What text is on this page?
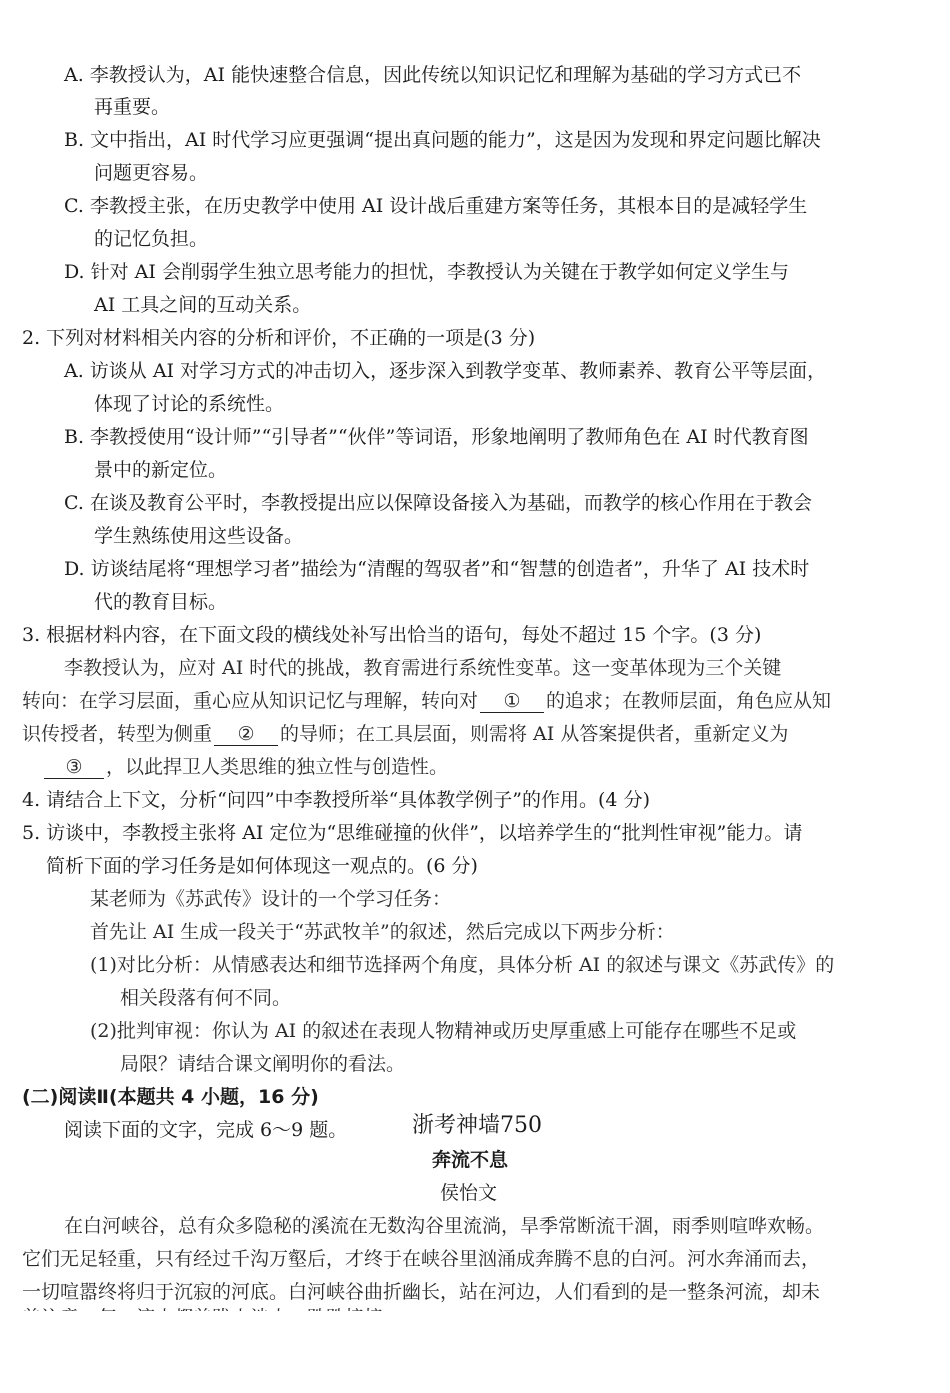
A. 李教授认为，AI 能快速整合信息，因此传统以知识记忆和理解为基础的学习方式已不
再重要。
B. 文中指出，AI 时代学习应更强调“提出真问题的能力”，这是因为发现和界定问题比解决
问题更容易。
C. 李教授主张，在历史教学中使用 AI 设计战后重建方案等任务，其根本目的是减轻学生
的记忆负担。
D. 针对 AI 会削弱学生独立思考能力的担忧，李教授认为关键在于教学如何定义学生与
AI 工具之间的互动关系。
2. 下列对材料相关内容的分析和评价，不正确的一项是(3 分)
A. 访谈从 AI 对学习方式的冲击切入，逐步深入到教学变革、教师素养、教育公平等层面，
体现了讨论的系统性。
B. 李教授使用“设计师”“引导者”“伙伴”等词语，形象地阐明了教师角色在 AI 时代教育图
景中的新定位。
C. 在谈及教育公平时，李教授提出应以保障设备接入为基础，而教学的核心作用在于教会
学生熟练使用这些设备。
D. 访谈结尾将“理想学习者”描绘为“清醒的驾驭者”和“智慧的创造者”，升华了 AI 技术时
代的教育目标。
3. 根据材料内容，在下面文段的横线处补写出恰当的语句，每处不超过 15 个字。(3 分)
李教授认为，应对 AI 时代的挑战，教育需进行系统性变革。这一变革体现为三个关键
转向：在学习层面，重心应从知识记忆与理解，转向对 ① 的追求；在教师层面，角色应从知
识传授者，转型为侧重 ② 的导师；在工具层面，则需将 AI 从答案提供者，重新定义为
③ ，以此捍卫人类思维的独立性与创造性。
4. 请结合上下文，分析“问四”中李教授所举“具体教学例子”的作用。(4 分)
5. 访谈中，李教授主张将 AI 定位为“思维碰撞的伙伴”，以培养学生的“批判性审视”能力。请
简析下面的学习任务是如何体现这一观点的。(6 分)
某老师为《苏武传》设计的一个学习任务：
首先让 AI 生成一段关于“苏武牧羊”的叙述，然后完成以下两步分析：
(1)对比分析：从情感表达和细节选择两个角度，具体分析 AI 的叙述与课文《苏武传》的
相关段落有何不同。
(2)批判审视：你认为 AI 的叙述在表现人物精神或历史厚重感上可能存在哪些不足或
局限？请结合课文阐明你的看法。
(二)阅读Ⅱ(本题共 4 小题，16 分)
阅读下面的文字，完成 6～9 题。	浙考神墙750
奔流不息
侯怡文
在白河峡谷，总有众多隐秘的溪流在无数沟谷里流淌，旱季常断流干涸，雨季则喧哗欢畅。
它们无足轻重，只有经过千沟万壑后，才终于在峡谷里汹涌成奔腾不息的白河。河水奔涌而去，
一切喧嚣终将归于沉寂的河底。白河峡谷曲折幽长，站在河边，人们看到的是一整条河流，却未
